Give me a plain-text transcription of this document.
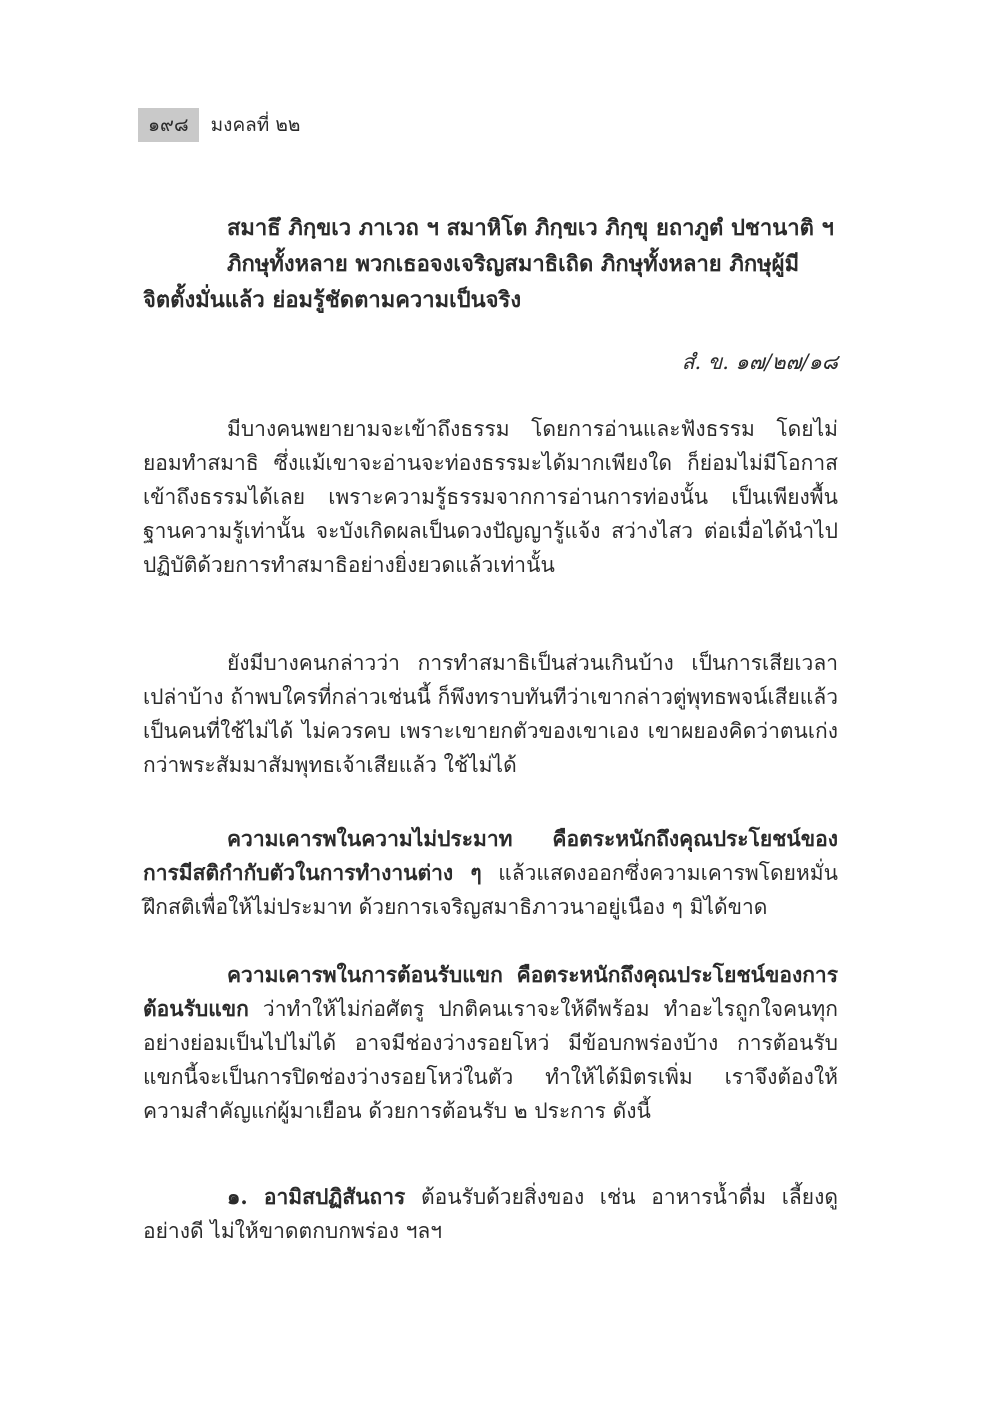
๑๙๘	มงคลที่ ๒๒
สมาธึ ภิกฺขเว ภาเวถ ฯ สมาหิโต ภิกฺขเว ภิกฺขุ ยถาภูตํ ปชานาติ ฯ
ภิกษุทั้งหลาย พวกเธอจงเจริญสมาธิเถิด ภิกษุทั้งหลาย ภิกษุผู้มี
จิตตั้งมั่นแล้ว ย่อมรู้ชัดตามความเป็นจริง
สํ. ข. ๑๗/๒๗/๑๘
มีบางคนพยายามจะเข้าถึงธรรม โดยการอ่านและฟังธรรม โดยไม่ยอมทำสมาธิ ซึ่งแม้เขาจะอ่านจะท่องธรรมะได้มากเพียงใด ก็ย่อมไม่มีโอกาสเข้าถึงธรรมได้เลย เพราะความรู้ธรรมจากการอ่านการท่องนั้น เป็นเพียงพื้นฐานความรู้เท่านั้น จะบังเกิดผลเป็นดวงปัญญารู้แจ้ง สว่างไสว ต่อเมื่อได้นำไปปฏิบัติด้วยการทำสมาธิอย่างยิ่งยวดแล้วเท่านั้น
ยังมีบางคนกล่าวว่า การทำสมาธิเป็นส่วนเกินบ้าง เป็นการเสียเวลาเปล่าบ้าง ถ้าพบใครที่กล่าวเช่นนี้ ก็พึงทราบทันทีว่าเขากล่าวตู่พุทธพจน์เสียแล้ว เป็นคนที่ใช้ไม่ได้ ไม่ควรคบ เพราะเขายกตัวของเขาเอง เขาผยองคิดว่าตนเก่งกว่าพระสัมมาสัมพุทธเจ้าเสียแล้ว ใช้ไม่ได้
ความเคารพในความไม่ประมาท คือตระหนักถึงคุณประโยชน์ของการมีสติกำกับตัวในการทำงานต่าง ๆ แล้วแสดงออกซึ่งความเคารพโดยหมั่นฝึกสติเพื่อให้ไม่ประมาท ด้วยการเจริญสมาธิภาวนาอยู่เนือง ๆ มิได้ขาด
ความเคารพในการต้อนรับแขก คือตระหนักถึงคุณประโยชน์ของการต้อนรับแขก ว่าทำให้ไม่ก่อศัตรู ปกติคนเราจะให้ดีพร้อม ทำอะไรถูกใจคนทุกอย่างย่อมเป็นไปไม่ได้ อาจมีช่องว่างรอยโหว่ มีข้อบกพร่องบ้าง การต้อนรับแขกนี้จะเป็นการปิดช่องว่างรอยโหว่ในตัว ทำให้ได้มิตรเพิ่ม เราจึงต้องให้ความสำคัญแก่ผู้มาเยือน ด้วยการต้อนรับ ๒ ประการ ดังนี้
๑. อามิสปฏิสันถาร ต้อนรับด้วยสิ่งของ เช่น อาหารน้ำดื่ม เลี้ยงดูอย่างดี ไม่ให้ขาดตกบกพร่อง ฯลฯ
